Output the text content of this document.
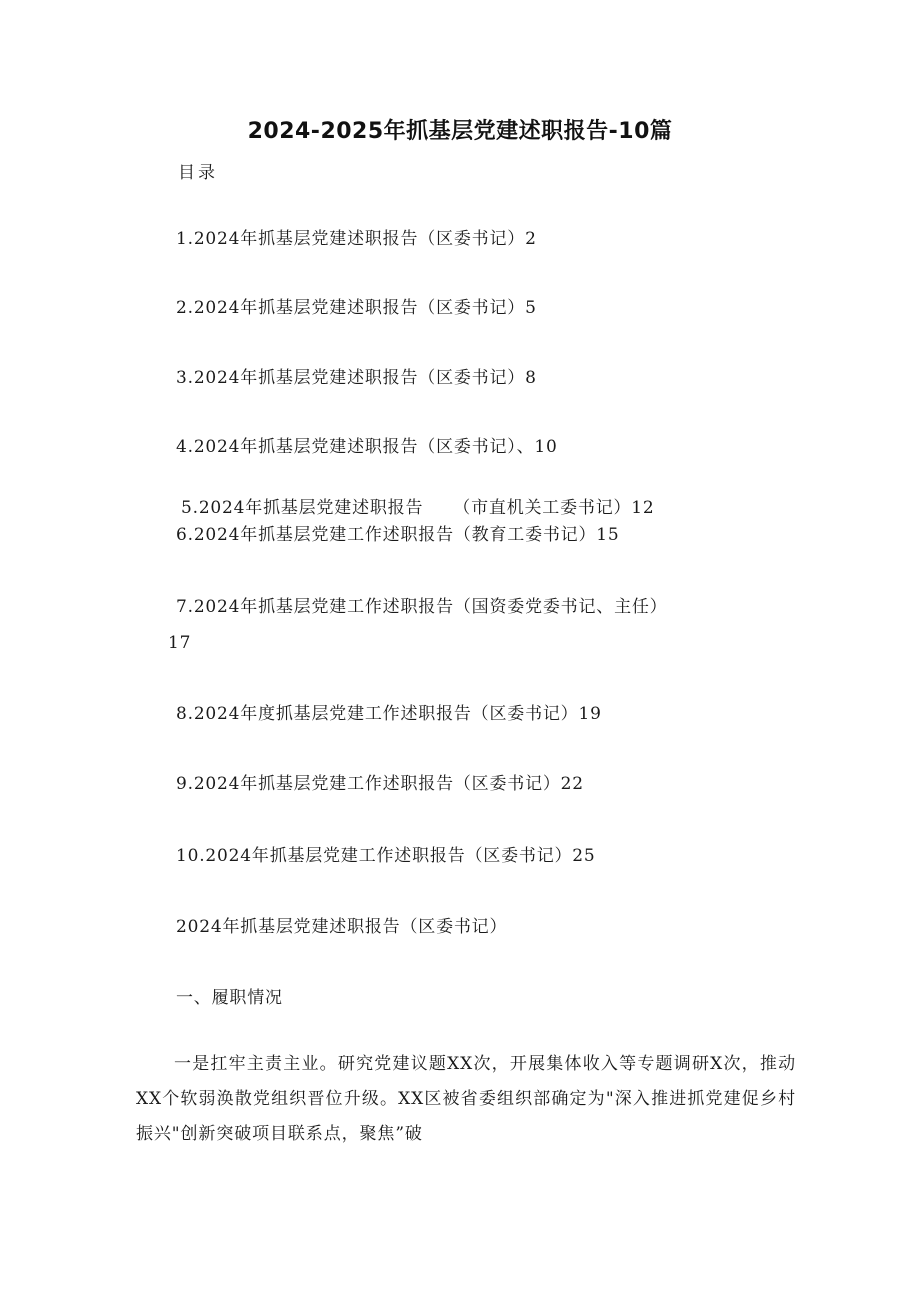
2024-2025年抓基层党建述职报告-10篇
目录
1.2024年抓基层党建述职报告（区委书记）2
2.2024年抓基层党建述职报告（区委书记）5
3.2024年抓基层党建述职报告（区委书记）8
4.2024年抓基层党建述职报告（区委书记）、10
5.2024年抓基层党建述职报告 （市直机关工委书记）12
6.2024年抓基层党建工作述职报告（教育工委书记）15
7.2024年抓基层党建工作述职报告（国资委党委书记、主任）
17
8.2024年度抓基层党建工作述职报告（区委书记）19
9.2024年抓基层党建工作述职报告（区委书记）22
10.2024年抓基层党建工作述职报告（区委书记）25
2024年抓基层党建述职报告（区委书记）
一、履职情况
一是扛牢主责主业。研究党建议题XX次，开展集体收入等专题调研X次，推动XX个软弱涣散党组织晋位升级。XX区被省委组织部确定为"深入推进抓党建促乡村振兴"创新突破项目联系点，聚焦”破
